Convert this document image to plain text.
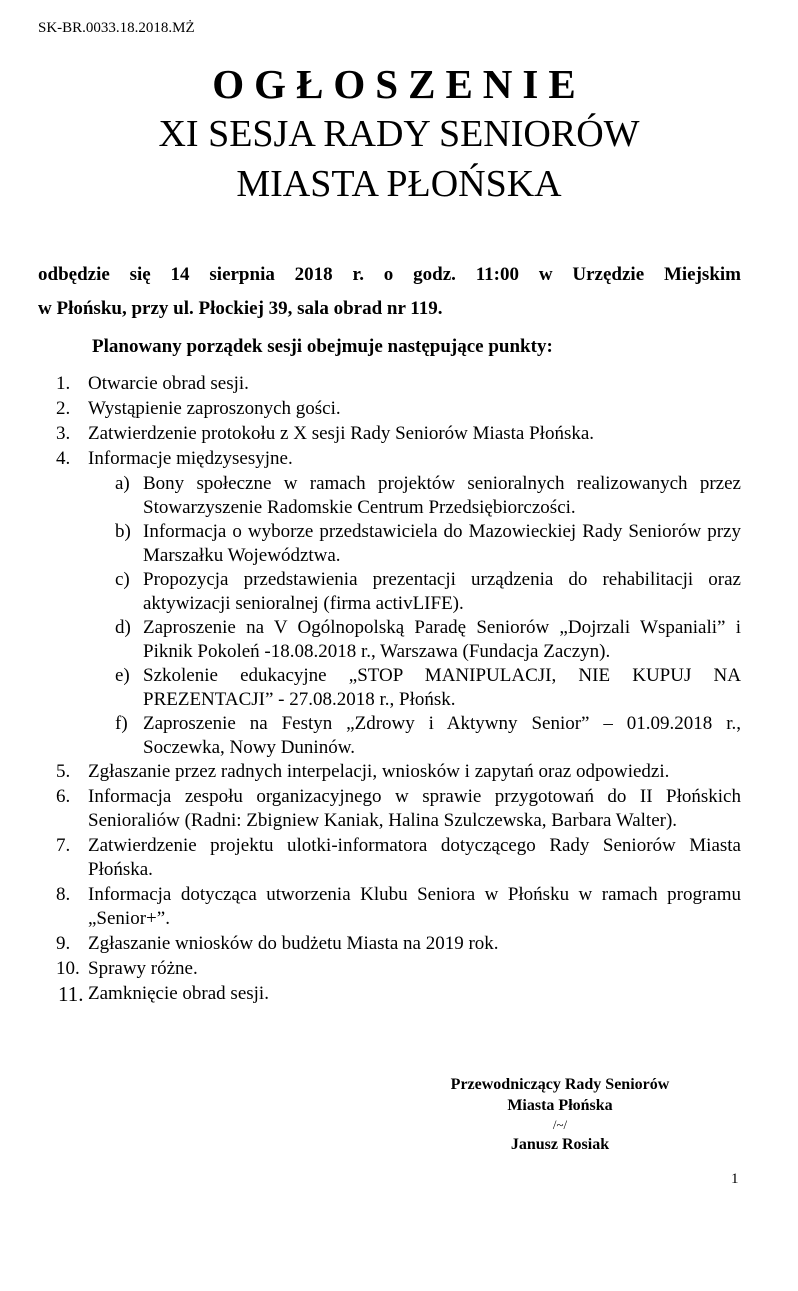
SK-BR.0033.18.2018.MŻ
OGŁOSZENIE
XI SESJA RADY SENIORÓW
MIASTA PŁOŃSKA
odbędzie się 14 sierpnia 2018 r. o godz. 11:00 w Urzędzie Miejskim
w Płońsku, przy ul. Płockiej 39, sala obrad nr 119.
Planowany porządek sesji obejmuje następujące punkty:
1. Otwarcie obrad sesji.
2. Wystąpienie zaproszonych gości.
3. Zatwierdzenie protokołu z X sesji Rady Seniorów Miasta Płońska.
4. Informacje międzysesyjne.
a) Bony społeczne w ramach projektów senioralnych realizowanych przez Stowarzyszenie Radomskie Centrum Przedsiębiorczości.
b) Informacja o wyborze przedstawiciela do Mazowieckiej Rady Seniorów przy Marszałku Województwa.
c) Propozycja przedstawienia prezentacji urządzenia do rehabilitacji oraz aktywizacji senioralnej (firma activLIFE).
d) Zaproszenie na V Ogólnopolską Paradę Seniorów „Dojrzali Wspaniali” i Piknik Pokoleń -18.08.2018 r., Warszawa (Fundacja Zaczyn).
e) Szkolenie edukacyjne „STOP MANIPULACJI, NIE KUPUJ NA PREZENTACJI” - 27.08.2018 r., Płońsk.
f) Zaproszenie na Festyn „Zdrowy i Aktywny Senior” – 01.09.2018 r., Soczewka, Nowy Duninów.
5. Zgłaszanie przez radnych interpelacji, wniosków i zapytań oraz odpowiedzi.
6. Informacja zespołu organizacyjnego w sprawie przygotowań do II Płońskich Senioraliów (Radni: Zbigniew Kaniak, Halina Szulczewska, Barbara Walter).
7. Zatwierdzenie projektu ulotki-informatora dotyczącego Rady Seniorów Miasta Płońska.
8. Informacja dotycząca utworzenia Klubu Seniora w Płońsku w ramach programu „Senior+”.
9. Zgłaszanie wniosków do budżetu Miasta na 2019 rok.
10. Sprawy różne.
11. Zamknięcie obrad sesji.
Przewodniczący Rady Seniorów
Miasta Płońska
/~/
Janusz Rosiak
1
